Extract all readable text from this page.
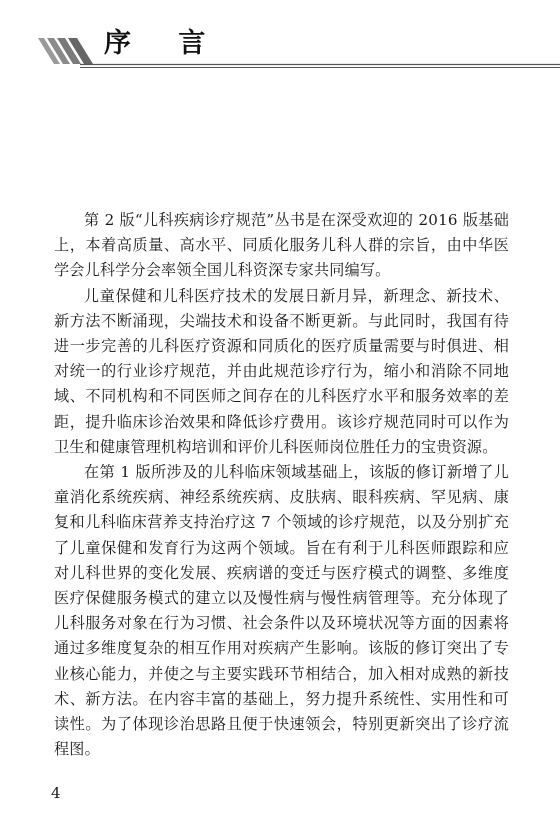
序 言

第 2 版“儿科疾病诊疗规范”丛书是在深受欢迎的 2016 版基础上，本着高质量、高水平、同质化服务儿科人群的宗旨，由中华医学会儿科学分会率领全国儿科资深专家共同编写。

儿童保健和儿科医疗技术的发展日新月异，新理念、新技术、新方法不断涌现，尖端技术和设备不断更新。与此同时，我国有待进一步完善的儿科医疗资源和同质化的医疗质量需要与时俱进、相对统一的行业诊疗规范，并由此规范诊疗行为，缩小和消除不同地域、不同机构和不同医师之间存在的儿科医疗水平和服务效率的差距，提升临床诊治效果和降低诊疗费用。该诊疗规范同时可以作为卫生和健康管理机构培训和评价儿科医师岗位胜任力的宝贵资源。

在第 1 版所涉及的儿科临床领域基础上，该版的修订新增了儿童消化系统疾病、神经系统疾病、皮肤病、眼科疾病、罕见病、康复和儿科临床营养支持治疗这 7 个领域的诊疗规范，以及分别扩充了儿童保健和发育行为这两个领域。旨在有利于儿科医师跟踪和应对儿科世界的变化发展、疾病谱的变迁与医疗模式的调整、多维度医疗保健服务模式的建立以及慢性病与慢性病管理等。充分体现了儿科服务对象在行为习惯、社会条件以及环境状况等方面的因素将通过多维度复杂的相互作用对疾病产生影响。该版的修订突出了专业核心能力，并使之与主要实践环节相结合，加入相对成熟的新技术、新方法。在内容丰富的基础上，努力提升系统性、实用性和可读性。为了体现诊治思路且便于快速领会，特别更新突出了诊疗流程图。

4
